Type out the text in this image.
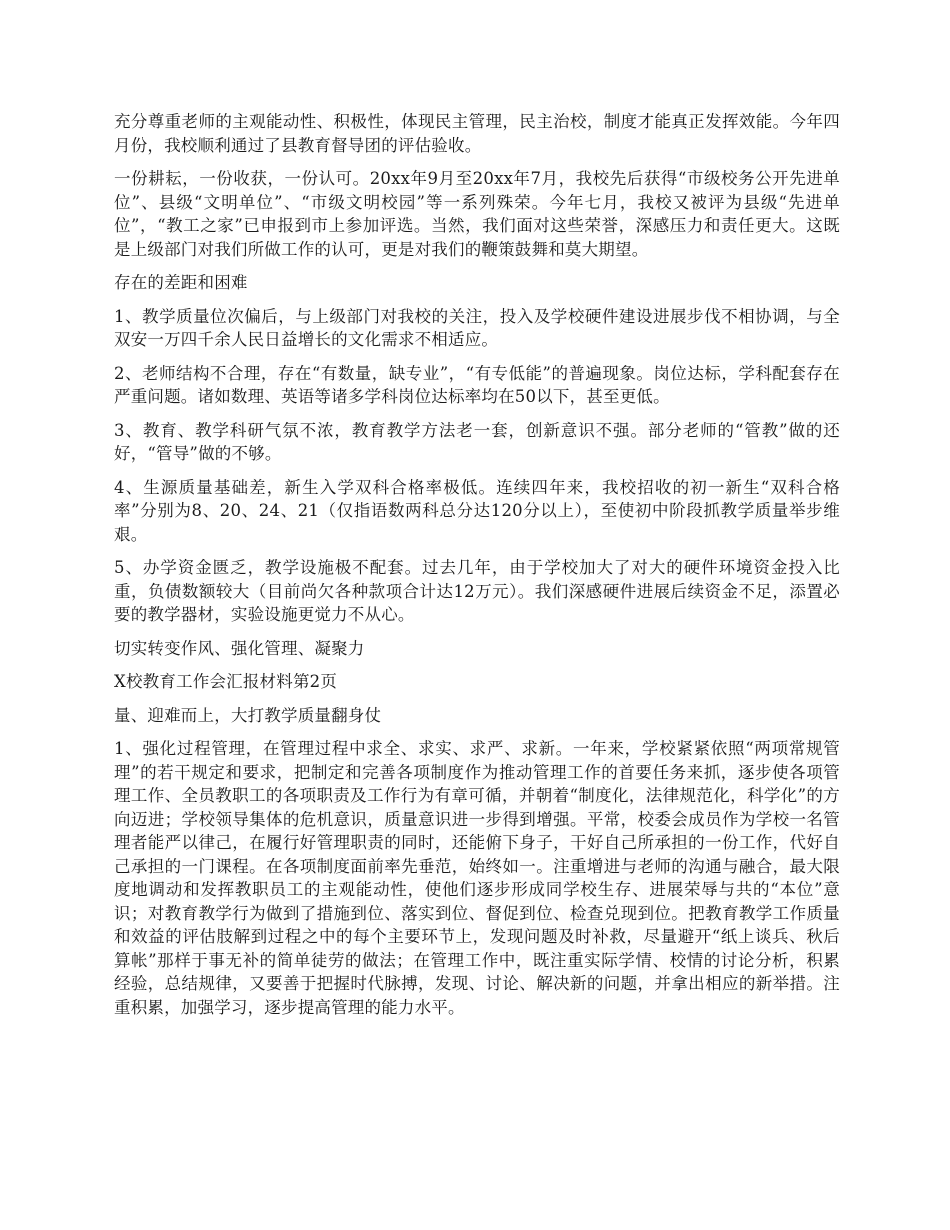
充分尊重老师的主观能动性、积极性，体现民主管理，民主治校，制度才能真正发挥效能。今年四月份，我校顺利通过了县教育督导团的评估验收。

一份耕耘，一份收获，一份认可。20xx年9月至20xx年7月，我校先后获得“市级校务公开先进单位”、县级“文明单位”、“市级文明校园”等一系列殊荣。今年七月，我校又被评为县级“先进单位”，“教工之家”已申报到市上参加评选。当然，我们面对这些荣誉，深感压力和责任更大。这既是上级部门对我们所做工作的认可，更是对我们的鞭策鼓舞和莫大期望。

存在的差距和困难

1、教学质量位次偏后，与上级部门对我校的关注，投入及学校硬件建设进展步伐不相协调，与全双安一万四千余人民日益增长的文化需求不相适应。

2、老师结构不合理，存在“有数量，缺专业”，“有专低能”的普遍现象。岗位达标，学科配套存在严重问题。诸如数理、英语等诸多学科岗位达标率均在50以下，甚至更低。

3、教育、教学科研气氛不浓，教育教学方法老一套，创新意识不强。部分老师的“管教”做的还好，“管导”做的不够。

4、生源质量基础差，新生入学双科合格率极低。连续四年来，我校招收的初一新生“双科合格率”分别为8、20、24、21（仅指语数两科总分达120分以上），至使初中阶段抓教学质量举步维艰。

5、办学资金匮乏，教学设施极不配套。过去几年，由于学校加大了对大的硬件环境资金投入比重，负债数额较大（目前尚欠各种款项合计达12万元）。我们深感硬件进展后续资金不足，添置必要的教学器材，实验设施更觉力不从心。

切实转变作风、强化管理、凝聚力

X校教育工作会汇报材料第2页

量、迎难而上，大打教学质量翻身仗

1、强化过程管理，在管理过程中求全、求实、求严、求新。一年来，学校紧紧依照“两项常规管理”的若干规定和要求，把制定和完善各项制度作为推动管理工作的首要任务来抓，逐步使各项管理工作、全员教职工的各项职责及工作行为有章可循，并朝着“制度化，法律规范化，科学化”的方向迈进；学校领导集体的危机意识，质量意识进一步得到增强。平常，校委会成员作为学校一名管理者能严以律己，在履行好管理职责的同时，还能俯下身子，干好自己所承担的一份工作，代好自己承担的一门课程。在各项制度面前率先垂范，始终如一。注重增进与老师的沟通与融合，最大限度地调动和发挥教职员工的主观能动性，使他们逐步形成同学校生存、进展荣辱与共的“本位”意识；对教育教学行为做到了措施到位、落实到位、督促到位、检查兑现到位。把教育教学工作质量和效益的评估肢解到过程之中的每个主要环节上，发现问题及时补救，尽量避开“纸上谈兵、秋后算帐”那样于事无补的简单徒劳的做法；在管理工作中，既注重实际学情、校情的讨论分析，积累经验，总结规律，又要善于把握时代脉搏，发现、讨论、解决新的问题，并拿出相应的新举措。注重积累，加强学习，逐步提高管理的能力水平。
